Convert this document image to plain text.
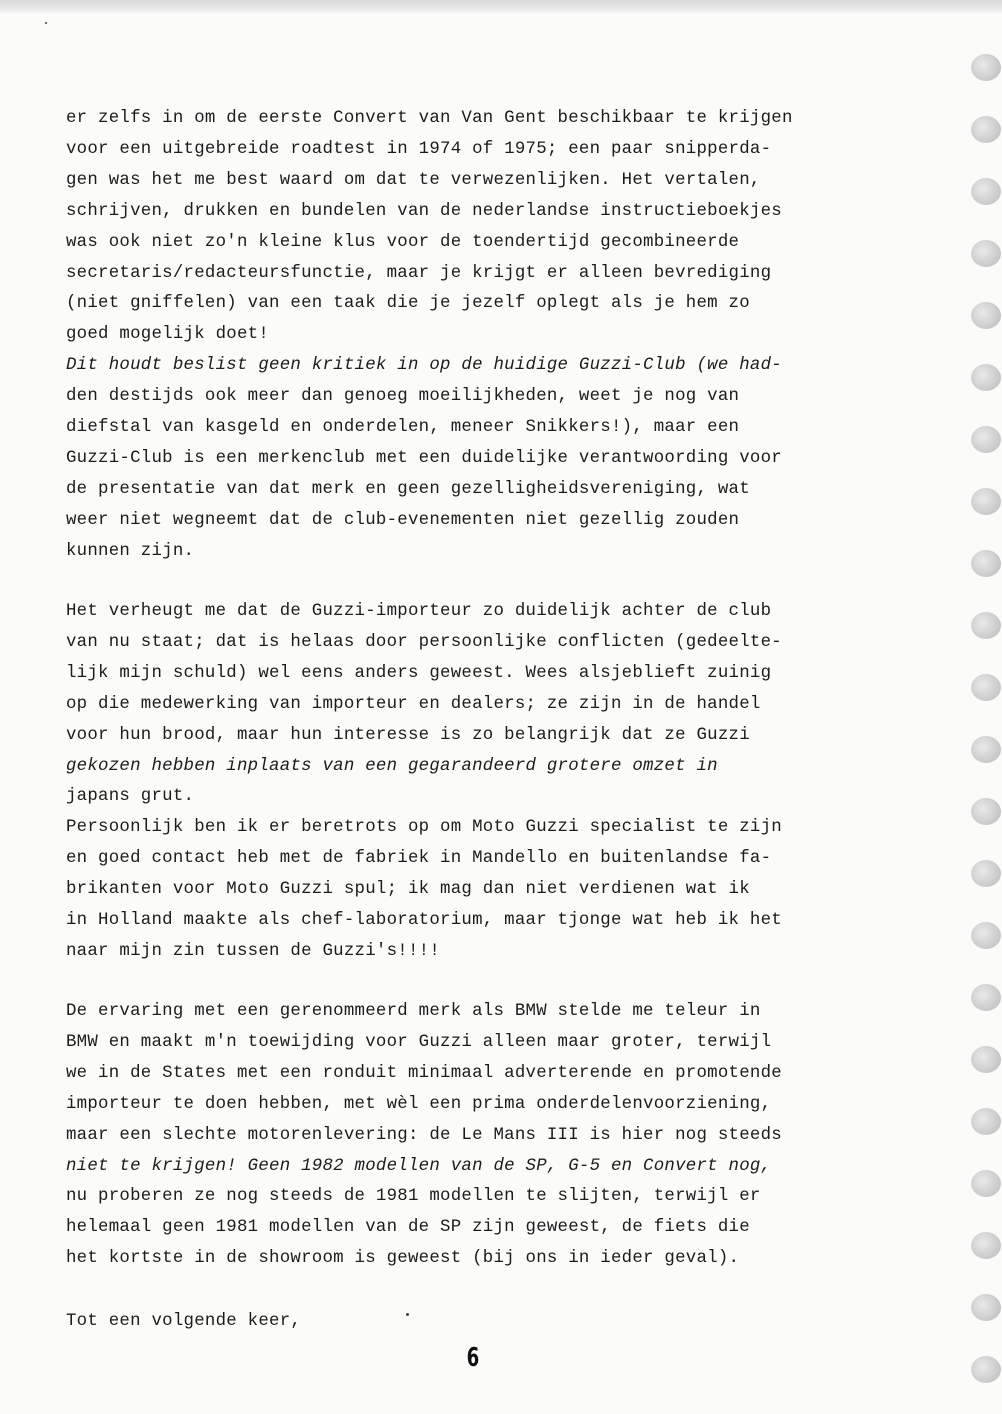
er zelfs in om de eerste Convert van Van Gent beschikbaar te krijgen
voor een uitgebreide roadtest in 1974 of 1975; een paar snipperda-
gen was het me best waard om dat te verwezenlijken. Het vertalen,
schrijven, drukken en bundelen van de nederlandse instructieboekjes
was ook niet zo'n kleine klus voor de toendertijd gecombineerde
secretaris/redacteursfunctie, maar je krijgt er alleen bevrediging
(niet gniffelen) van een taak die je jezelf oplegt als je hem zo
goed mogelijk doet!
Dit houdt beslist geen kritiek in op de huidige Guzzi-Club (we had-
den destijds ook meer dan genoeg moeilijkheden, weet je nog van
diefstal van kasgeld en onderdelen, meneer Snikkers!), maar een
Guzzi-Club is een merkenclub met een duidelijke verantwoording voor
de presentatie van dat merk en geen gezelligheidsvereniging, wat
weer niet wegneemt dat de club-evenementen niet gezellig zouden
kunnen zijn.
Het verheugt me dat de Guzzi-importeur zo duidelijk achter de club
van nu staat; dat is helaas door persoonlijke conflicten (gedeelte-
lijk mijn schuld) wel eens anders geweest. Wees alsjeblieft zuinig
op die medewerking van importeur en dealers; ze zijn in de handel
voor hun brood, maar hun interesse is zo belangrijk dat ze Guzzi
gekozen hebben inplaats van een gegarandeerd grotere omzet in
japans grut.
Persoonlijk ben ik er beretrots op om Moto Guzzi specialist te zijn
en goed contact heb met de fabriek in Mandello en buitenlandse fa-
brikanten voor Moto Guzzi spul; ik mag dan niet verdienen wat ik
in Holland maakte als chef-laboratorium, maar tjonge wat heb ik het
naar mijn zin tussen de Guzzi's!!!!
De ervaring met een gerenommeerd merk als BMW stelde me teleur in
BMW en maakt m'n toewijding voor Guzzi alleen maar groter, terwijl
we in de States met een ronduit minimaal adverterende en promotende
importeur te doen hebben, met wèl een prima onderdelenvoorziening,
maar een slechte motorenlevering: de Le Mans III is hier nog steeds
niet te krijgen! Geen 1982 modellen van de SP, G-5 en Convert nog,
nu proberen ze nog steeds de 1981 modellen te slijten, terwijl er
helemaal geen 1981 modellen van de SP zijn geweest, de fiets die
het kortste in de showroom is geweest (bij ons in ieder geval).
Tot een volgende keer,
6
